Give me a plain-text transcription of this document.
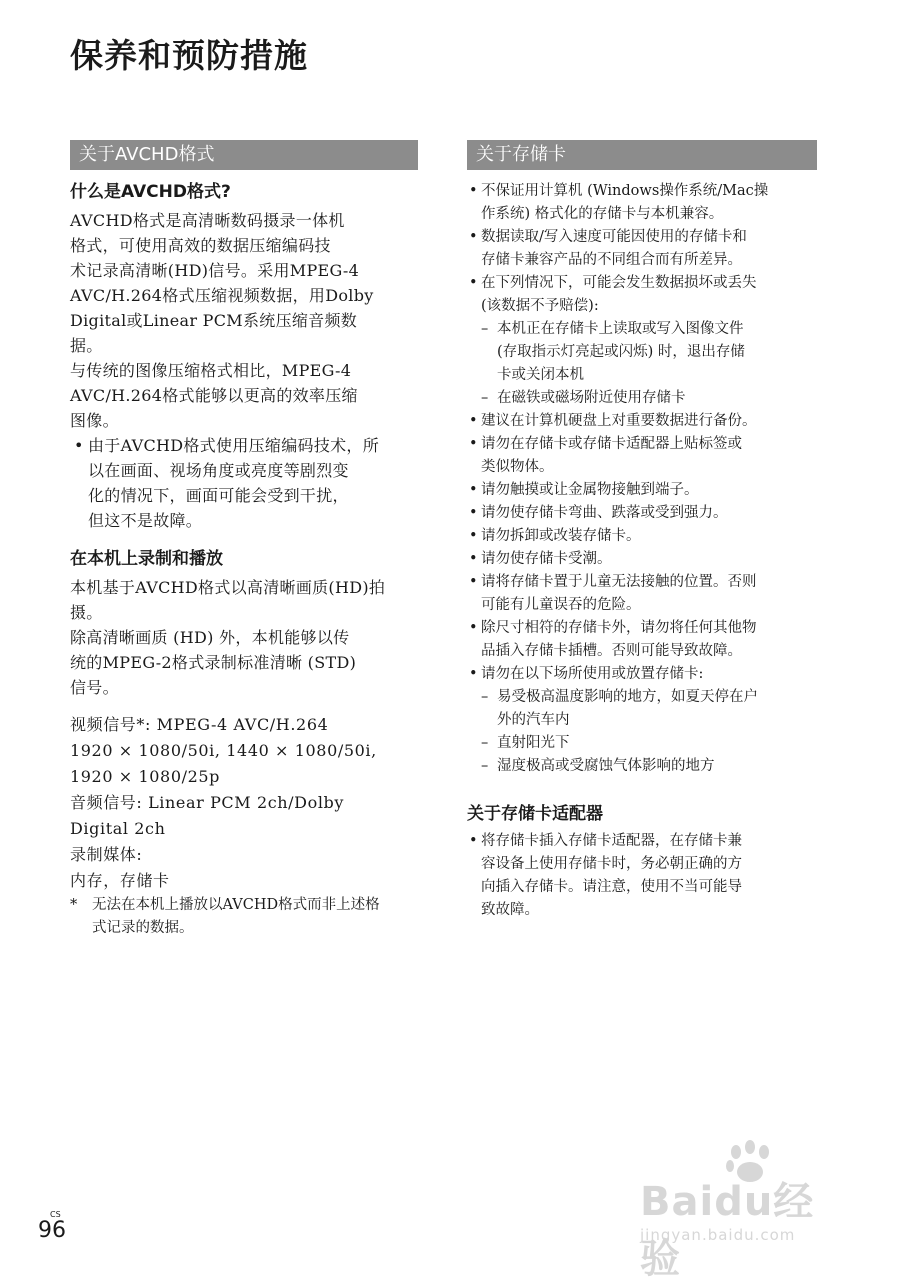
保养和预防措施
关于AVCHD格式
什么是AVCHD格式?
AVCHD格式是高清晰数码摄录一体机
格式，可使用高效的数据压缩编码技
术记录高清晰(HD)信号。采用MPEG-4
AVC/H.264格式压缩视频数据，用Dolby
Digital或Linear PCM系统压缩音频数
据。
与传统的图像压缩格式相比，MPEG-4
AVC/H.264格式能够以更高的效率压缩
图像。
• 由于AVCHD格式使用压缩编码技术，所
以在画面、视场角度或亮度等剧烈变
化的情况下，画面可能会受到干扰，
但这不是故障。
在本机上录制和播放
本机基于AVCHD格式以高清晰画质(HD)拍
摄。
除高清晰画质 (HD) 外，本机能够以传
统的MPEG-2格式录制标准清晰 (STD)
信号。
视频信号*: MPEG-4 AVC/H.264
1920 × 1080/50i, 1440 × 1080/50i,
1920 × 1080/25p
音频信号: Linear PCM 2ch/Dolby
Digital 2ch
录制媒体:
内存，存储卡
* 无法在本机上播放以AVCHD格式而非上述格
式记录的数据。
关于存储卡
• 不保证用计算机 (Windows操作系统/Mac操
作系统) 格式化的存储卡与本机兼容。
• 数据读取/写入速度可能因使用的存储卡和
存储卡兼容产品的不同组合而有所差异。
• 在下列情况下，可能会发生数据损坏或丢失
(该数据不予赔偿):
– 本机正在存储卡上读取或写入图像文件
(存取指示灯亮起或闪烁) 时，退出存储
卡或关闭本机
– 在磁铁或磁场附近使用存储卡
• 建议在计算机硬盘上对重要数据进行备份。
• 请勿在存储卡或存储卡适配器上贴标签或
类似物体。
• 请勿触摸或让金属物接触到端子。
• 请勿使存储卡弯曲、跌落或受到强力。
• 请勿拆卸或改装存储卡。
• 请勿使存储卡受潮。
• 请将存储卡置于儿童无法接触的位置。否则
可能有儿童误吞的危险。
• 除尺寸相符的存储卡外，请勿将任何其他物
品插入存储卡插槽。否则可能导致故障。
• 请勿在以下场所使用或放置存储卡:
– 易受极高温度影响的地方，如夏天停在户
外的汽车内
– 直射阳光下
– 湿度极高或受腐蚀气体影响的地方
关于存储卡适配器
• 将存储卡插入存储卡适配器，在存储卡兼
容设备上使用存储卡时，务必朝正确的方
向插入存储卡。请注意，使用不当可能导
致故障。
CS
96
Baidu经验
jingyan.baidu.com
